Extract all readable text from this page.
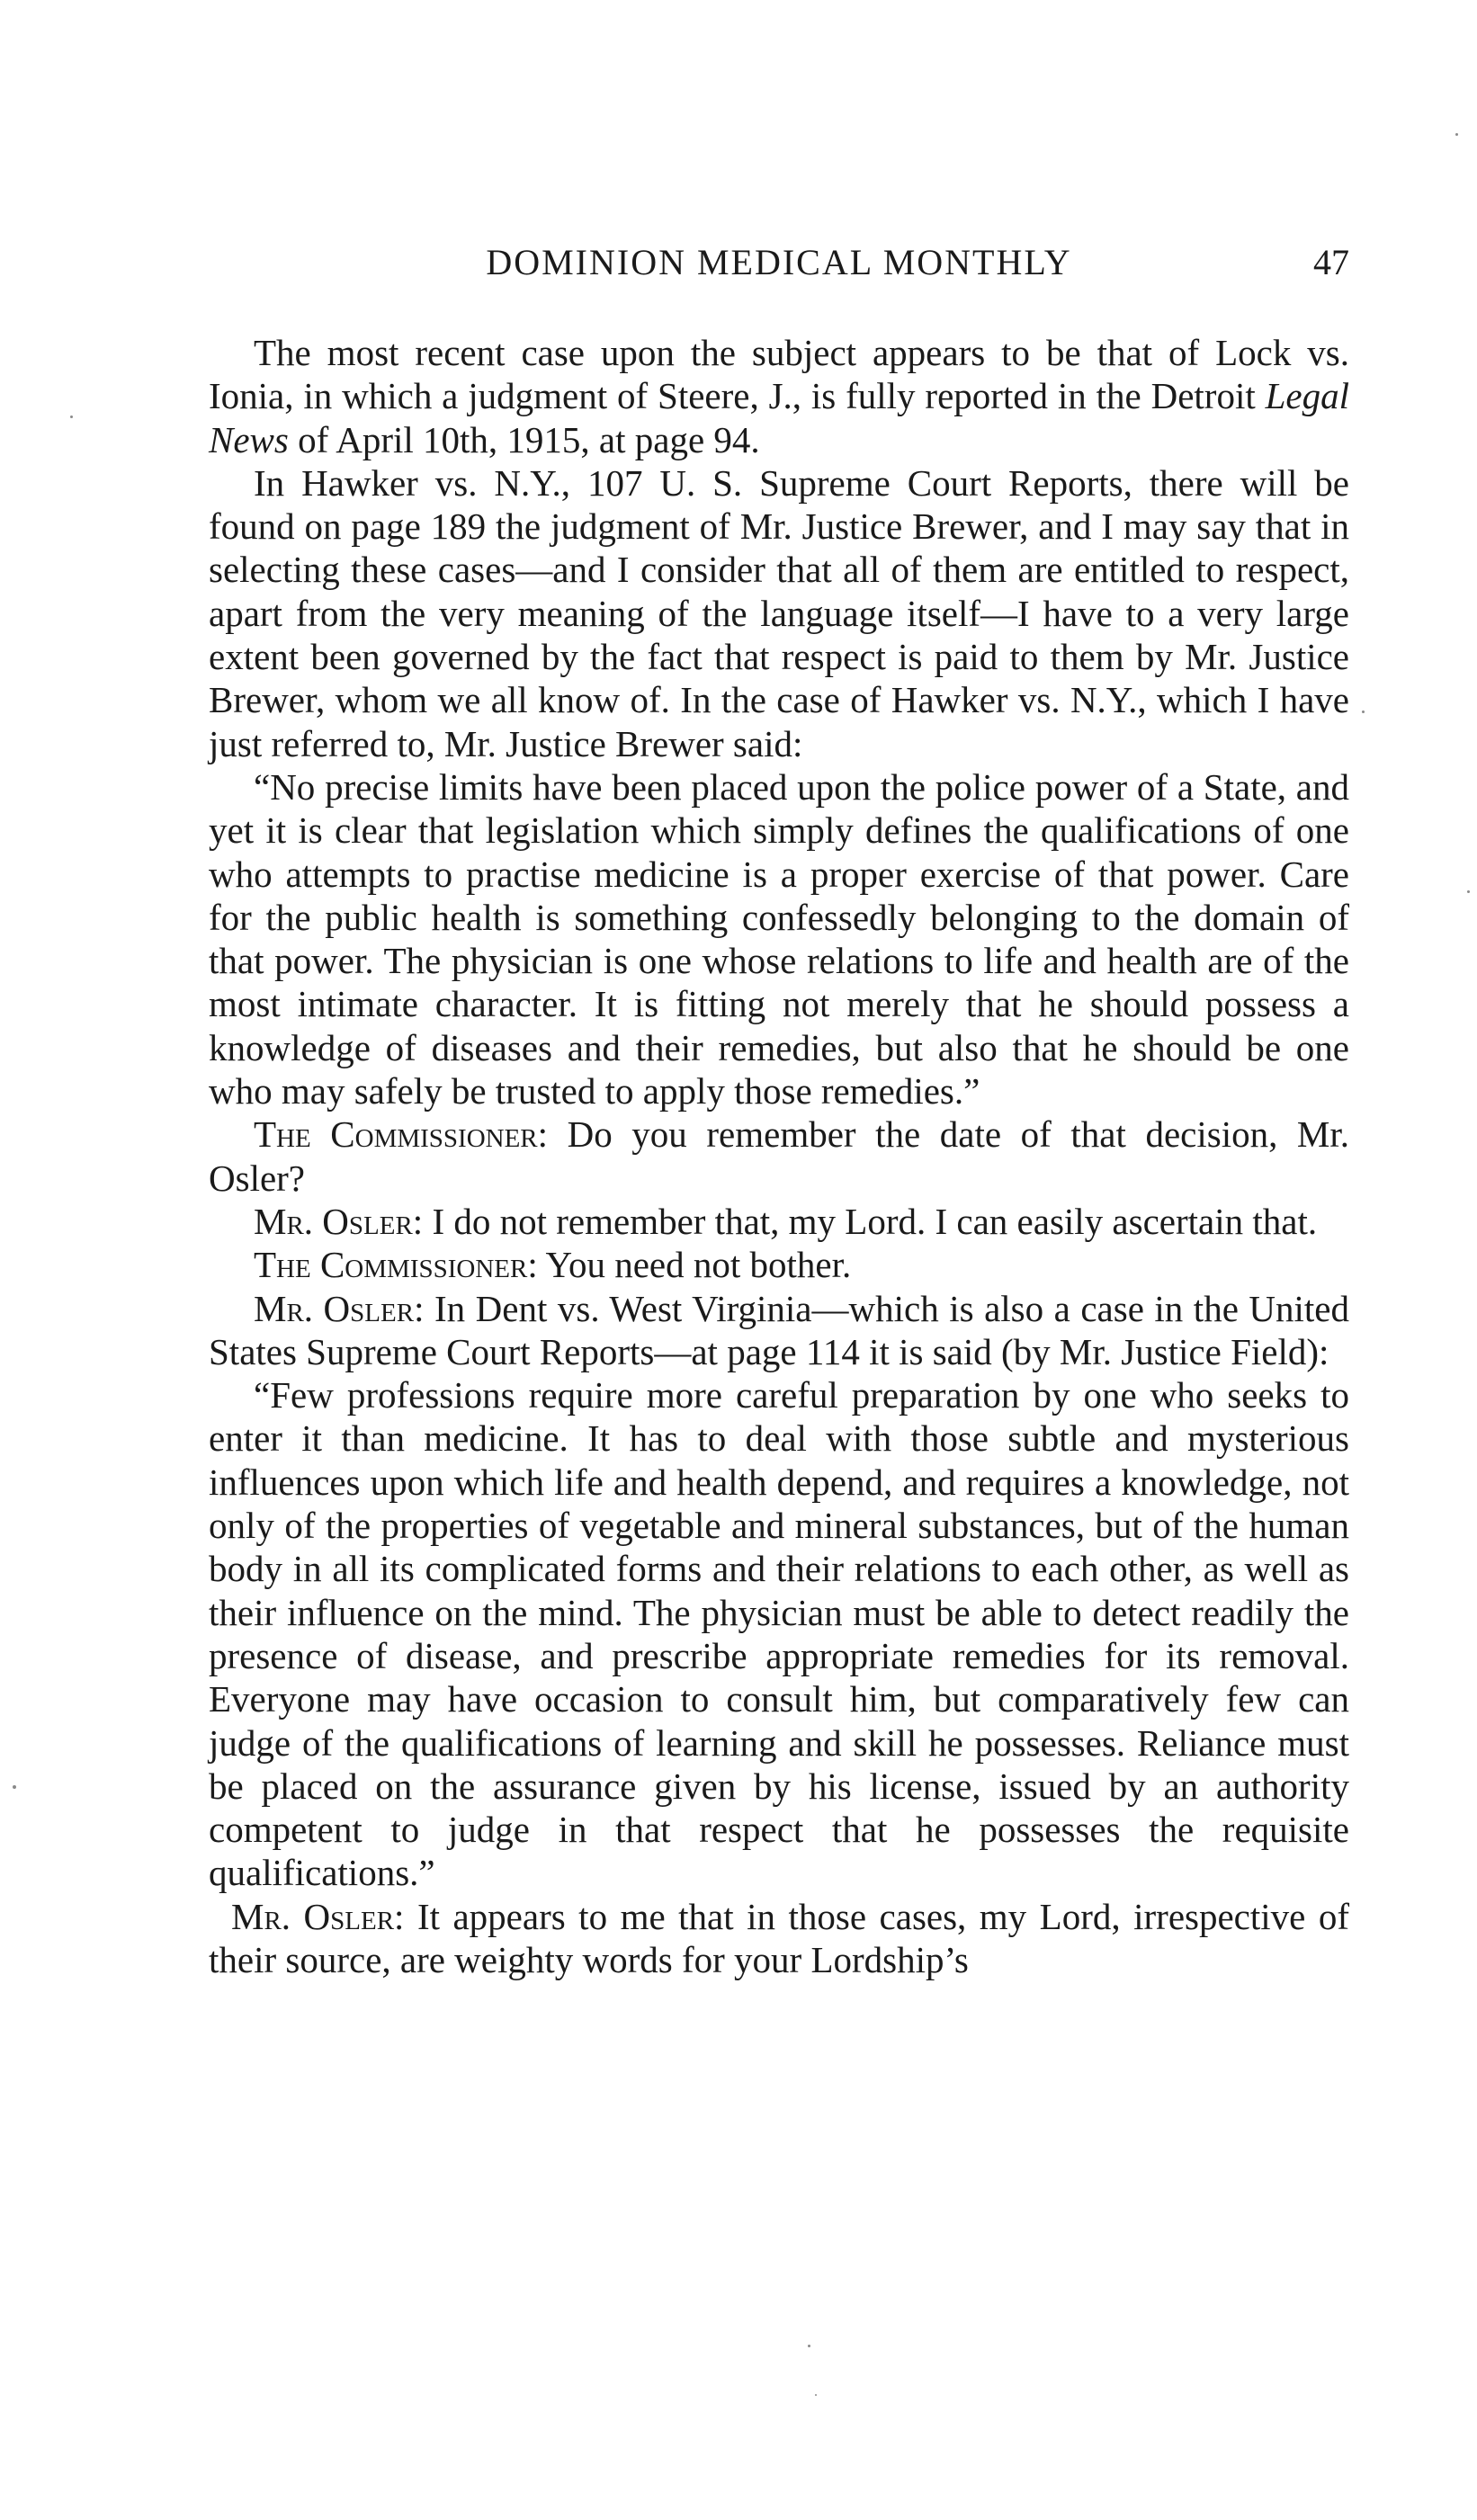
DOMINION MEDICAL MONTHLY	47

The most recent case upon the subject appears to be that of Lock vs. Ionia, in which a judgment of Steere, J., is fully reported in the Detroit Legal News of April 10th, 1915, at page 94.

In Hawker vs. N.Y., 107 U. S. Supreme Court Reports, there will be found on page 189 the judgment of Mr. Justice Brewer, and I may say that in selecting these cases—and I consider that all of them are entitled to respect, apart from the very meaning of the language itself—I have to a very large extent been governed by the fact that respect is paid to them by Mr. Justice Brewer, whom we all know of. In the case of Hawker vs. N.Y., which I have just referred to, Mr. Justice Brewer said:

“No precise limits have been placed upon the police power of a State, and yet it is clear that legislation which simply defines the qualifications of one who attempts to practise medicine is a proper exercise of that power. Care for the public health is something confessedly belonging to the domain of that power. The physician is one whose relations to life and health are of the most intimate character. It is fitting not merely that he should possess a knowledge of diseases and their remedies, but also that he should be one who may safely be trusted to apply those remedies.”

The Commissioner: Do you remember the date of that decision, Mr. Osler?

Mr. Osler: I do not remember that, my Lord. I can easily ascertain that.

The Commissioner: You need not bother.

Mr. Osler: In Dent vs. West Virginia—which is also a case in the United States Supreme Court Reports—at page 114 it is said (by Mr. Justice Field):

“Few professions require more careful preparation by one who seeks to enter it than medicine. It has to deal with those subtle and mysterious influences upon which life and health depend, and requires a knowledge, not only of the properties of vegetable and mineral substances, but of the human body in all its complicated forms and their relations to each other, as well as their influence on the mind. The physician must be able to detect readily the presence of disease, and prescribe appropriate remedies for its removal. Everyone may have occasion to consult him, but comparatively few can judge of the qualifications of learning and skill he possesses. Reliance must be placed on the assurance given by his license, issued by an authority competent to judge in that respect that he possesses the requisite qualifications.”

Mr. Osler: It appears to me that in those cases, my Lord, irrespective of their source, are weighty words for your Lordship’s
